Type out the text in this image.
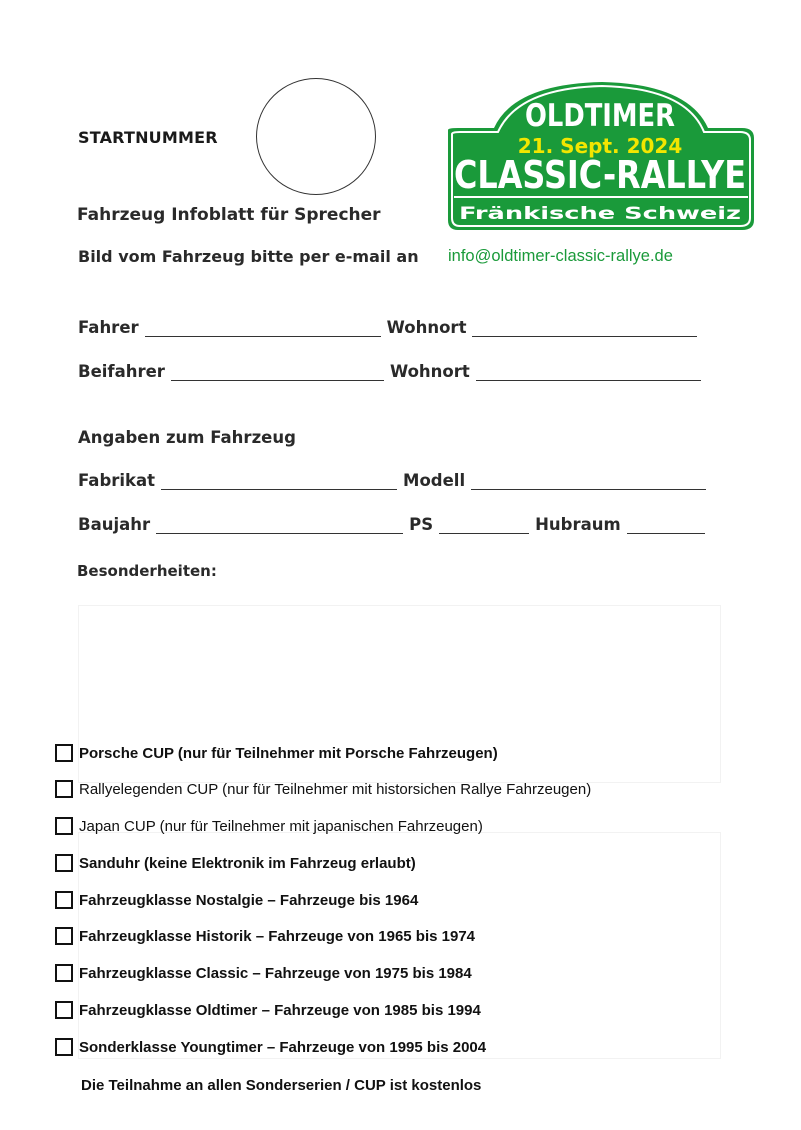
STARTNUMMER
OLDTIMER
21. Sept. 2024
CLASSIC-RALLYE
Fränkische Schweiz
Fahrzeug Infoblatt für Sprecher
Bild vom Fahrzeug bitte per e-mail an info@oldtimer-classic-rallye.de
Fahrer	Wohnort
Beifahrer	Wohnort
Angaben zum Fahrzeug
Fabrikat	Modell
Baujahr	PS	Hubraum
Besonderheiten:
Porsche CUP (nur für Teilnehmer mit Porsche Fahrzeugen)
Rallyelegenden CUP (nur für Teilnehmer mit historsichen Rallye Fahrzeugen)
Japan CUP (nur für Teilnehmer mit japanischen Fahrzeugen)
Sanduhr (keine Elektronik im Fahrzeug erlaubt)
Fahrzeugklasse Nostalgie – Fahrzeuge bis 1964
Fahrzeugklasse Historik – Fahrzeuge von 1965 bis 1974
Fahrzeugklasse Classic – Fahrzeuge von 1975 bis 1984
Fahrzeugklasse Oldtimer – Fahrzeuge von 1985 bis 1994
Sonderklasse Youngtimer – Fahrzeuge von 1995 bis 2004
Die Teilnahme an allen Sonderserien / CUP ist kostenlos
